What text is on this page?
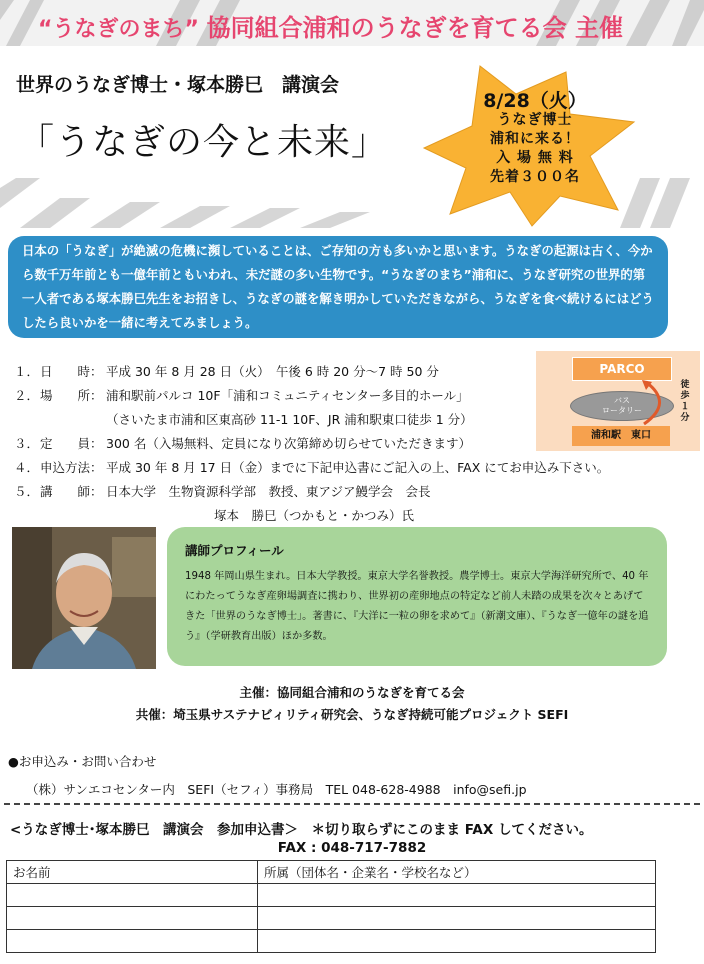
“うなぎのまち” 協同組合浦和のうなぎを育てる会 主催
世界のうなぎ博士・塚本勝巳　講演会
「うなぎの今と未来」
8/28（火）
うなぎ博士
浦和に来る！
入 場 無 料
先着３００名
日本の「うなぎ」が絶滅の危機に瀕していることは、ご存知の方も多いかと思います。うなぎの起源は古く、今から数千万年前とも一億年前ともいわれ、未だ謎の多い生物です。“うなぎのまち”浦和に、うなぎ研究の世界的第一人者である塚本勝巳先生をお招きし、うなぎの謎を解き明かしていただきながら、うなぎを食べ続けるにはどうしたら良いかを一緒に考えてみましょう。
１． 日　　時： 平成 30 年 8 月 28 日（火）　午後 6 時 20 分～7 時 50 分
２． 場　　所： 浦和駅前パルコ 10F「浦和コミュニティセンター多目的ホール」
（さいたま市浦和区東高砂 11-1 10F、JR 浦和駅東口徒歩 1 分）
３． 定　　員： 300 名（入場無料、定員になり次第締め切らせていただきます）
４． 申込方法： 平成 30 年 8 月 17 日（金）までに下記申込書にご記入の上、FAX にてお申込み下さい。
５． 講　　師： 日本大学　生物資源科学部　教授、東アジア鰻学会　会長
　　　　　　　　　　　　　　　　塚本　勝巳（つかもと・かつみ）氏
PARCO
バス
ロータリー
浦和駅　東口
徒歩１分
講師プロフィール

1948 年岡山県生まれ。日本大学教授。東京大学名誉教授。農学博士。東京大学海洋研究所で、40 年にわたってうなぎ産卵場調査に携わり、世界初の産卵地点の特定など前人未踏の成果を次々とあげてきた「世界のうなぎ博士」。著書に、『大洋に一粒の卵を求めて』（新潮文庫）、『うなぎ一億年の謎を追う』（学研教育出版）ほか多数。

主催：協同組合浦和のうなぎを育てる会
共催：埼玉県サステナビィリティ研究会、うなぎ持続可能プロジェクト SEFI
●お申込み・お問い合わせ
（株）サンエコセンター内　SEFI（セフィ）事務局　TEL 048-628-4988　info@sefi.jp
<うなぎ博士･塚本勝巳　講演会　参加申込書＞　＊切り取らずにこのまま FAX してください。
FAX : 048-717-7882
お名前	所属（団体名・企業名・学校名など）
